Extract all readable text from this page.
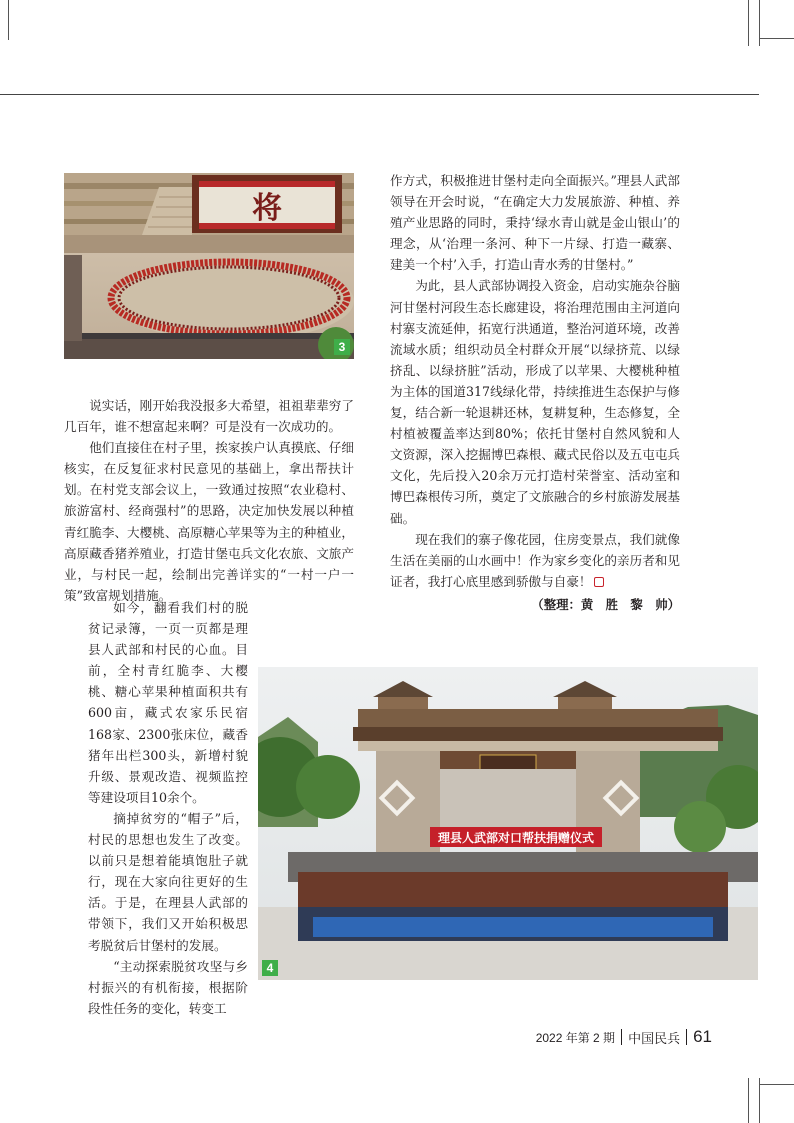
将
3

说实话，刚开始我没报多大希望，祖祖辈辈穷了几百年，谁不想富起来啊？可是没有一次成功的。

他们直接住在村子里，挨家挨户认真摸底、仔细核实，在反复征求村民意见的基础上，拿出帮扶计划。在村党支部会议上，一致通过按照“农业稳村、旅游富村、经商强村”的思路，决定加快发展以种植青红脆李、大樱桃、高原糖心苹果等为主的种植业，高原藏香猪养殖业，打造甘堡屯兵文化农旅、文旅产业，与村民一起，绘制出完善详实的“一村一户一策”致富规划措施。

如今，翻看我们村的脱贫记录簿，一页一页都是理县人武部和村民的心血。目前，全村青红脆李、大樱桃、糖心苹果种植面积共有600亩，藏式农家乐民宿168家、2300张床位，藏香猪年出栏300头，新增村貌升级、景观改造、视频监控等建设项目10余个。

摘掉贫穷的“帽子”后，村民的思想也发生了改变。以前只是想着能填饱肚子就行，现在大家向往更好的生活。于是，在理县人武部的带领下，我们又开始积极思考脱贫后甘堡村的发展。

“主动探索脱贫攻坚与乡村振兴的有机衔接，根据阶段性任务的变化，转变工

作方式，积极推进甘堡村走向全面振兴。”理县人武部领导在开会时说，“在确定大力发展旅游、种植、养殖产业思路的同时，秉持‘绿水青山就是金山银山’的理念，从‘治理一条河、种下一片绿、打造一藏寨、建美一个村’入手，打造山青水秀的甘堡村。”

为此，县人武部协调投入资金，启动实施杂谷脑河甘堡村河段生态长廊建设，将治理范围由主河道向村寨支流延伸，拓宽行洪通道，整治河道环境，改善流域水质；组织动员全村群众开展“以绿挤荒、以绿挤乱、以绿挤脏”活动，形成了以苹果、大樱桃种植为主体的国道317线绿化带，持续推进生态保护与修复，结合新一轮退耕还林，复耕复种，生态修复，全村植被覆盖率达到80%；依托甘堡村自然风貌和人文资源，深入挖掘博巴森根、藏式民俗以及五屯屯兵文化，先后投入20余万元打造村荣誉室、活动室和博巴森根传习所，奠定了文旅融合的乡村旅游发展基础。

现在我们的寨子像花园，住房变景点，我们就像生活在美丽的山水画中！作为家乡变化的亲历者和见证者，我打心底里感到骄傲与自豪！

（整理：黄　胜　黎　帅）
理县人武部对口帮扶捐赠仪式
4
2022 年第 2 期 中国民兵 61
